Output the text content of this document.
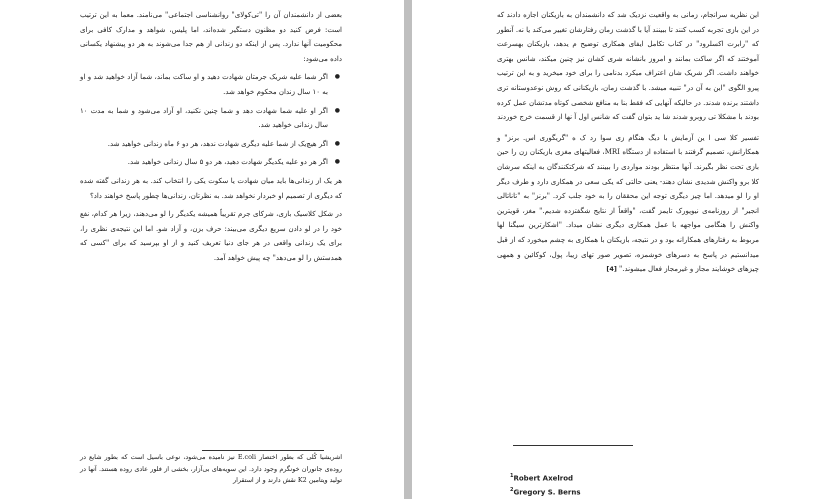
بعضی از دانشمندان آن را "تی‌کولای" روانشناسی اجتماعی" می‌نامند. معما به این ترتیب است: فرض کنید دو مظنون دستگیر شده‌اند، اما پلیس، شواهد و مدارک کافی برای محکومیت آنها ندارد. پس از اینکه دو زندانی از هم جدا می‌شوند به هر دو پیشنهاد یکسانی داده می‌شود:

● اگر شما علیه شریک جرمتان شهادت دهید و او ساکت بماند، شما آزاد خواهید شد و او به ۱۰ سال زندان محکوم خواهد شد.
● اگر او علیه شما شهادت دهد و شما چنین نکنید، او آزاد می‌شود و شما به مدت ۱۰ سال زندانی خواهید شد.
● اگر هیچ‌یک از شما علیه دیگری شهادت ندهد، هر دو ۶ ماه زندانی خواهید شد.
● اگر هر دو علیه یکدیگر شهادت دهید، هر دو ۵ سال زندانی خواهید شد.

هر یک از زندانی‌ها باید میان شهادت یا سکوت یکی را انتخاب کند. به هر زندانی گفته شده که دیگری از تصمیم او خبردار نخواهد شد. به نظرتان، زندانی‌ها چطور پاسخ خواهند داد؟

در شکل کلاسیک بازی، شرکای جرم تقریباً همیشه یکدیگر را لو می‌دهند، زیرا هر کدام، نفع خود را در لو دادن سریع دیگری می‌بیند: حرف بزن، و آزاد شو. اما این نتیجه‌ی نظری را، برای یک زندانی واقعی در هر جای دنیا تعریف کنید و از او بپرسید که برای "کسی که همدستش را لو می‌دهد" چه پیش خواهد آمد.

اشریشیا کُلی که بطور اختصار E.coli نیز نامیده می‌شود، نوعی باسیل است که بطور شایع در روده‌ی جانوران خونگرم وجود دارد. این سویه‌های بی‌آزار، بخشی از فلور عادی روده هستند. آنها در تولید ویتامین K2 نقش دارند و از استقرار

این نظریه سرانجام، زمانی به واقعیت نزدیک شد که دانشمندان به بازیکنان اجازه دادند که در این بازی تجربه کسب کنند تا ببینند آیا با گذشت زمان رفتارشان تغییر می‌کند یا نه. آنطور که "رابرت اکسلرود" در کتاب تکامل ایفای همکاری توضیح م یدهد، بازیکنان بهسرعت آموختند که اگر ساکت بمانند و امروز بانشانه شری کشان نیز چنین میکند، شانس بهتری خواهند داشت. اگر شریک شان اعتراف میکرد بدنامی را برای خود میخرید و به این ترتیب پیرو الگوی "این به آن در" تنبیه میشد. با گذشت زمان، بازیکنانی که روش نوعدوستانه تری داشتند برنده شدند. در حالیکه آنهایی که فقط بنا به منافع شخصی کوتاه مدتشان عمل کرده بودند با مشکلا تی روبرو شدند شا ید بتوان گفت که شانس اول آ نها از قسمت خرج خوردند

تفسیر کلا سی ا ین آزمایش با دیگ هنگام زی سوا رد ک ه "گریگوری اس. برنز" و همکارانش، تصمیم گرفتند با استفاده از دستگاه MRI، فعالیتهای مغزی بازیکنان زن را حین بازی تحت نظر بگیرند. آنها منتظر بودند مواردی را ببینند که شرکتکنندگان به اینکه سرشان کلا برو واکنش شدیدی نشان دهند- یعنی حالتی که یکی سعی در همکاری دارد و طرف دیگر او را لو میدهد. اما چیز دیگری توجه این محققان را به خود جلب کرد. "برنز" به "تاناتالی انجیر" از روزنامه‌ی نیویورک تایمز گفت، "واقعاً از نتایج شگفتزده شدیم." مغز، قویترین واکنش را هنگامی مواجهه با عمل همکاری دیگری نشان میداد. "اشکارترین سیگنا لها مربوط به رفتارهای همکارانه بود و در نتیجه، بازیکنان با همکاری به چشم میخورد که از قبل میدانستیم در پاسخ به دسرهای خوشمزه، تصویر صور تهای زیبا، پول، کوکائین و همهی چیزهای خوشایند مجاز و غیرمجاز فعال میشوند." [4]

$^1$Robert Axelrod
$^2$Gregory S. Berns
